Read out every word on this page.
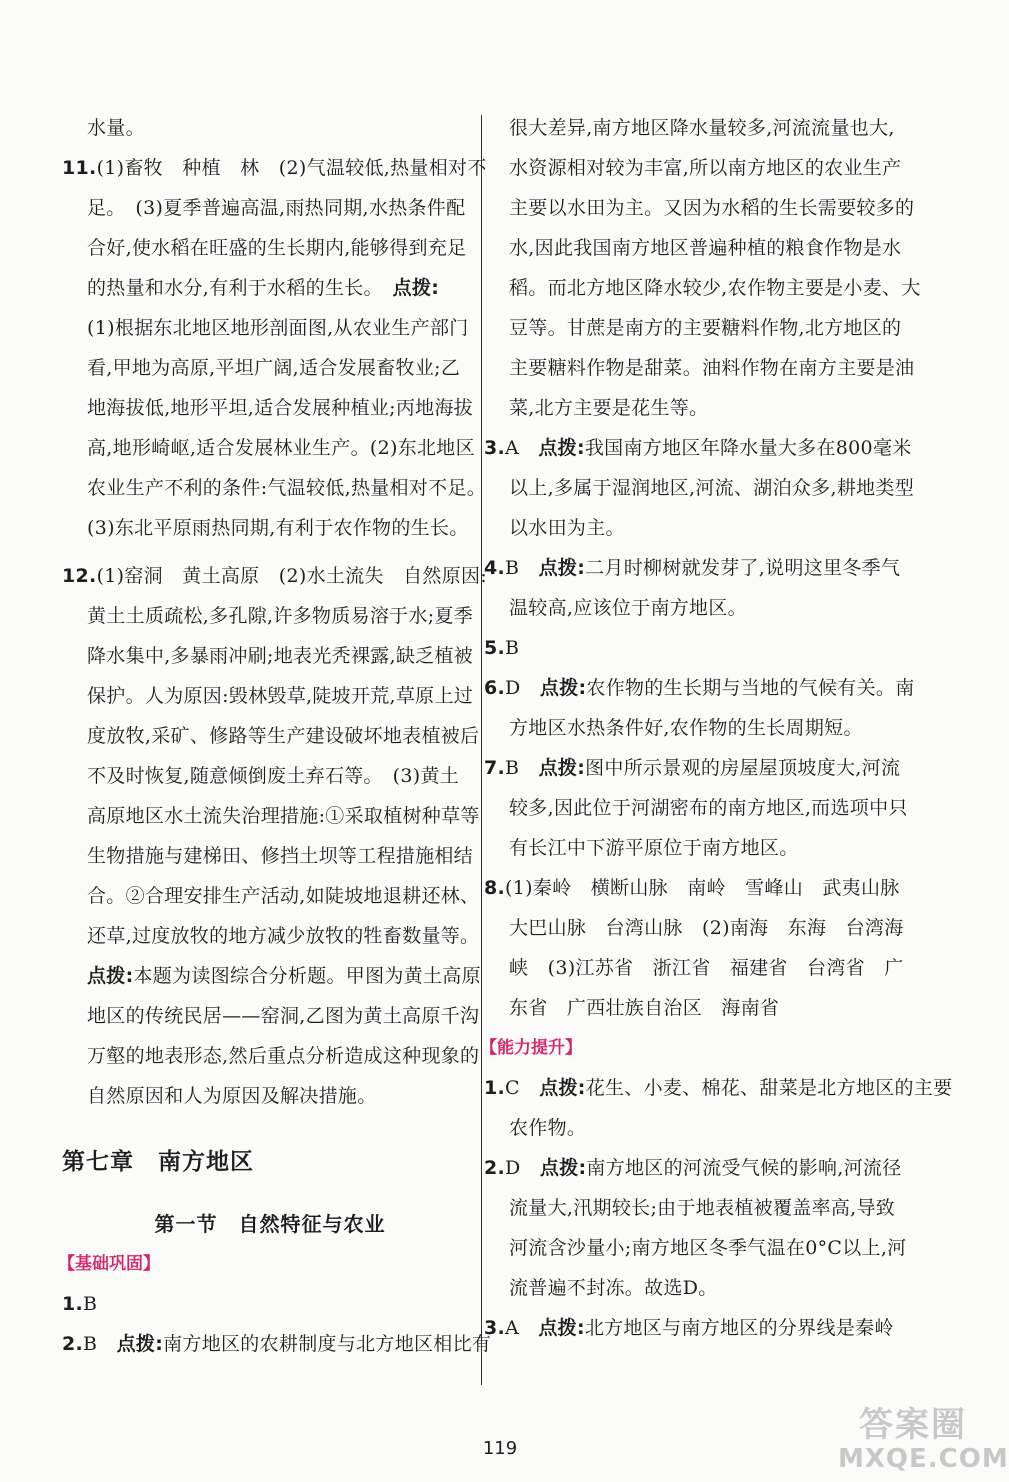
水量。
11.(1)畜牧　种植　林　(2)气温较低,热量相对不
足。　(3)夏季普遍高温,雨热同期,水热条件配
合好,使水稻在旺盛的生长期内,能够得到充足
的热量和水分,有利于水稻的生长。　点拨:
(1)根据东北地区地形剖面图,从农业生产部门
看,甲地为高原,平坦广阔,适合发展畜牧业;乙
地海拔低,地形平坦,适合发展种植业;丙地海拔
高,地形崎岖,适合发展林业生产。(2)东北地区
农业生产不利的条件:气温较低,热量相对不足。
(3)东北平原雨热同期,有利于农作物的生长。
12.(1)窑洞　黄土高原　(2)水土流失　自然原因:
黄土土质疏松,多孔隙,许多物质易溶于水;夏季
降水集中,多暴雨冲刷;地表光秃裸露,缺乏植被
保护。人为原因:毁林毁草,陡坡开荒,草原上过
度放牧,采矿、修路等生产建设破坏地表植被后
不及时恢复,随意倾倒废土弃石等。　(3)黄土
高原地区水土流失治理措施:①采取植树种草等
生物措施与建梯田、修挡土坝等工程措施相结
合。②合理安排生产活动,如陡坡地退耕还林、
还草,过度放牧的地方减少放牧的牲畜数量等。
点拨:本题为读图综合分析题。甲图为黄土高原
地区的传统民居——窑洞,乙图为黄土高原千沟
万壑的地表形态,然后重点分析造成这种现象的
自然原因和人为原因及解决措施。
第七章　南方地区
第一节　自然特征与农业
【基础巩固】
1.B
2.B　点拨:南方地区的农耕制度与北方地区相比有
很大差异,南方地区降水量较多,河流流量也大,
水资源相对较为丰富,所以南方地区的农业生产
主要以水田为主。又因为水稻的生长需要较多的
水,因此我国南方地区普遍种植的粮食作物是水
稻。而北方地区降水较少,农作物主要是小麦、大
豆等。甘蔗是南方的主要糖料作物,北方地区的
主要糖料作物是甜菜。油料作物在南方主要是油
菜,北方主要是花生等。
3.A　点拨:我国南方地区年降水量大多在800毫米
以上,多属于湿润地区,河流、湖泊众多,耕地类型
以水田为主。
4.B　点拨:二月时柳树就发芽了,说明这里冬季气
温较高,应该位于南方地区。
5.B
6.D　点拨:农作物的生长期与当地的气候有关。南
方地区水热条件好,农作物的生长周期短。
7.B　点拨:图中所示景观的房屋屋顶坡度大,河流
较多,因此位于河湖密布的南方地区,而选项中只
有长江中下游平原位于南方地区。
8.(1)秦岭　横断山脉　南岭　雪峰山　武夷山脉
大巴山脉　台湾山脉　(2)南海　东海　台湾海
峡　(3)江苏省　浙江省　福建省　台湾省　广
东省　广西壮族自治区　海南省
【能力提升】
1.C　点拨:花生、小麦、棉花、甜菜是北方地区的主要
农作物。
2.D　点拨:南方地区的河流受气候的影响,河流径
流量大,汛期较长;由于地表植被覆盖率高,导致
河流含沙量小;南方地区冬季气温在0°C以上,河
流普遍不封冻。故选D。
3.A　点拨:北方地区与南方地区的分界线是秦岭
119
答案圈
MXQE.COM
